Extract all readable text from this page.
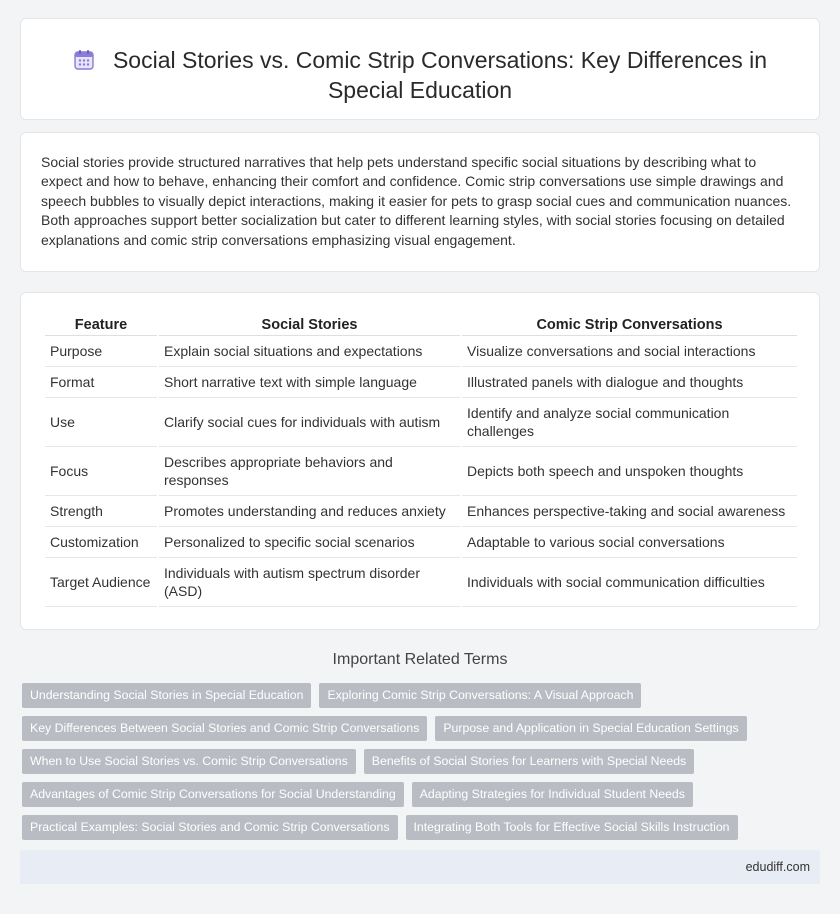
Social Stories vs. Comic Strip Conversations: Key Differences in Special Education

Social stories provide structured narratives that help pets understand specific social situations by describing what to expect and how to behave, enhancing their comfort and confidence. Comic strip conversations use simple drawings and speech bubbles to visually depict interactions, making it easier for pets to grasp social cues and communication nuances. Both approaches support better socialization but cater to different learning styles, with social stories focusing on detailed explanations and comic strip conversations emphasizing visual engagement.

Feature	Social Stories	Comic Strip Conversations
Purpose	Explain social situations and expectations	Visualize conversations and social interactions
Format	Short narrative text with simple language	Illustrated panels with dialogue and thoughts
Use	Clarify social cues for individuals with autism	Identify and analyze social communication challenges
Focus	Describes appropriate behaviors and responses	Depicts both speech and unspoken thoughts
Strength	Promotes understanding and reduces anxiety	Enhances perspective-taking and social awareness
Customization	Personalized to specific social scenarios	Adaptable to various social conversations
Target Audience	Individuals with autism spectrum disorder (ASD)	Individuals with social communication difficulties
Important Related Terms
Understanding Social Stories in Special Education	Exploring Comic Strip Conversations: A Visual Approach
Key Differences Between Social Stories and Comic Strip Conversations	Purpose and Application in Special Education Settings
When to Use Social Stories vs. Comic Strip Conversations	Benefits of Social Stories for Learners with Special Needs
Advantages of Comic Strip Conversations for Social Understanding	Adapting Strategies for Individual Student Needs
Practical Examples: Social Stories and Comic Strip Conversations	Integrating Both Tools for Effective Social Skills Instruction
edudiff.com
